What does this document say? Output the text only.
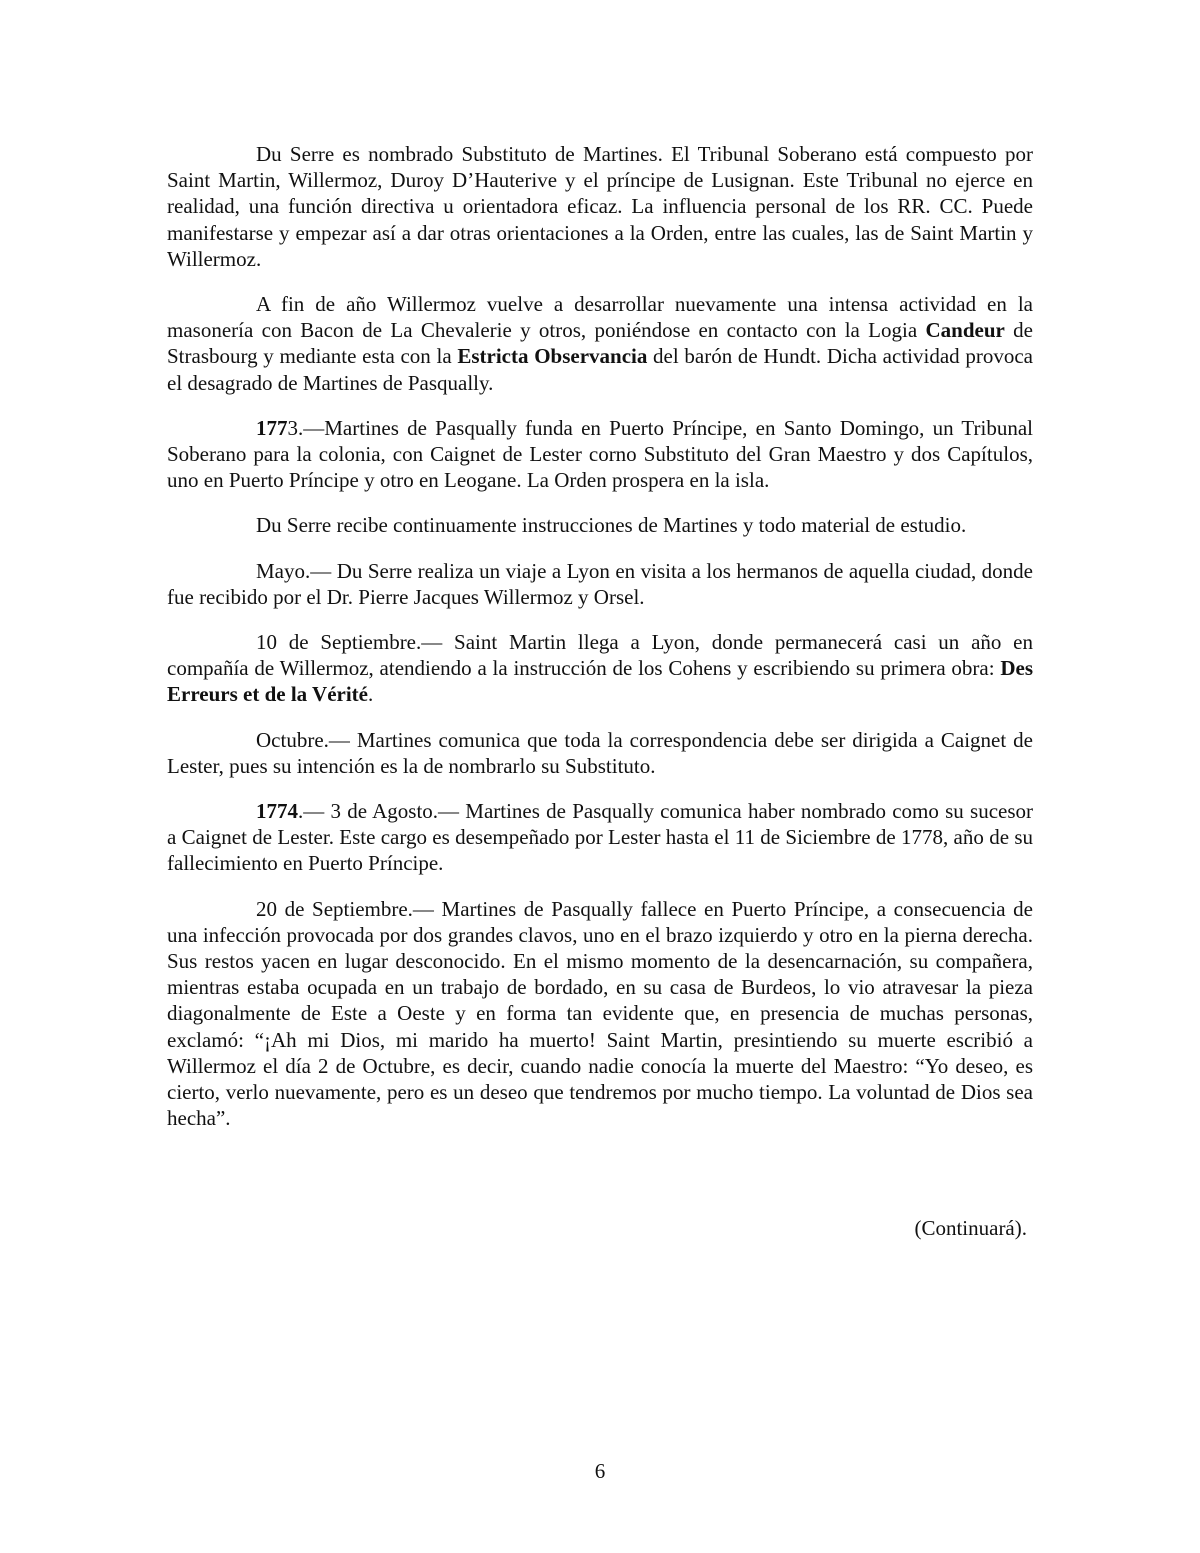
Du Serre es nombrado Substituto de Martines. El Tribunal Soberano está compuesto por Saint Martin, Willermoz, Duroy D’Hauterive y el príncipe de Lusignan. Este Tribunal no ejerce en realidad, una función directiva u orientadora eficaz. La influencia personal de los RR. CC. Puede manifestarse y empezar así a dar otras orientaciones a la Orden, entre las cuales, las de Saint Martin y Willermoz.

A fin de año Willermoz vuelve a desarrollar nuevamente una intensa actividad en la masonería con Bacon de La Chevalerie y otros, poniéndose en contacto con la Logia Candeur de Strasbourg y mediante esta con la Estricta Observancia del barón de Hundt. Dicha actividad provoca el desagrado de Martines de Pasqually.

1773.—Martines de Pasqually funda en Puerto Príncipe, en Santo Domingo, un Tribunal Soberano para la colonia, con Caignet de Lester corno Substituto del Gran Maestro y dos Capítulos, uno en Puerto Príncipe y otro en Leogane. La Orden prospera en la isla.

Du Serre recibe continuamente instrucciones de Martines y todo material de estudio.

Mayo.— Du Serre realiza un viaje a Lyon en visita a los hermanos de aquella ciudad, donde fue recibido por el Dr. Pierre Jacques Willermoz y Orsel.

10 de Septiembre.— Saint Martin llega a Lyon, donde permanecerá casi un año en compañía de Willermoz, atendiendo a la instrucción de los Cohens y escribiendo su primera obra: Des Erreurs et de la Vérité.

Octubre.— Martines comunica que toda la correspondencia debe ser dirigida a Caignet de Lester, pues su intención es la de nombrarlo su Substituto.

1774.— 3 de Agosto.— Martines de Pasqually comunica haber nombrado como su sucesor a Caignet de Lester. Este cargo es desempeñado por Lester hasta el 11 de Siciembre de 1778, año de su fallecimiento en Puerto Príncipe.

20 de Septiembre.— Martines de Pasqually fallece en Puerto Príncipe, a consecuencia de una infección provocada por dos grandes clavos, uno en el brazo izquierdo y otro en la pierna derecha. Sus restos yacen en lugar desconocido. En el mismo momento de la desencarnación, su compañera, mientras estaba ocupada en un trabajo de bordado, en su casa de Burdeos, lo vio atravesar la pieza diagonalmente de Este a Oeste y en forma tan evidente que, en presencia de muchas personas, exclamó: “¡Ah mi Dios, mi marido ha muerto! Saint Martin, presintiendo su muerte escribió a Willermoz el día 2 de Octubre, es decir, cuando nadie conocía la muerte del Maestro: “Yo deseo, es cierto, verlo nuevamente, pero es un deseo que tendremos por mucho tiempo. La voluntad de Dios sea hecha”.

(Continuará).

6
